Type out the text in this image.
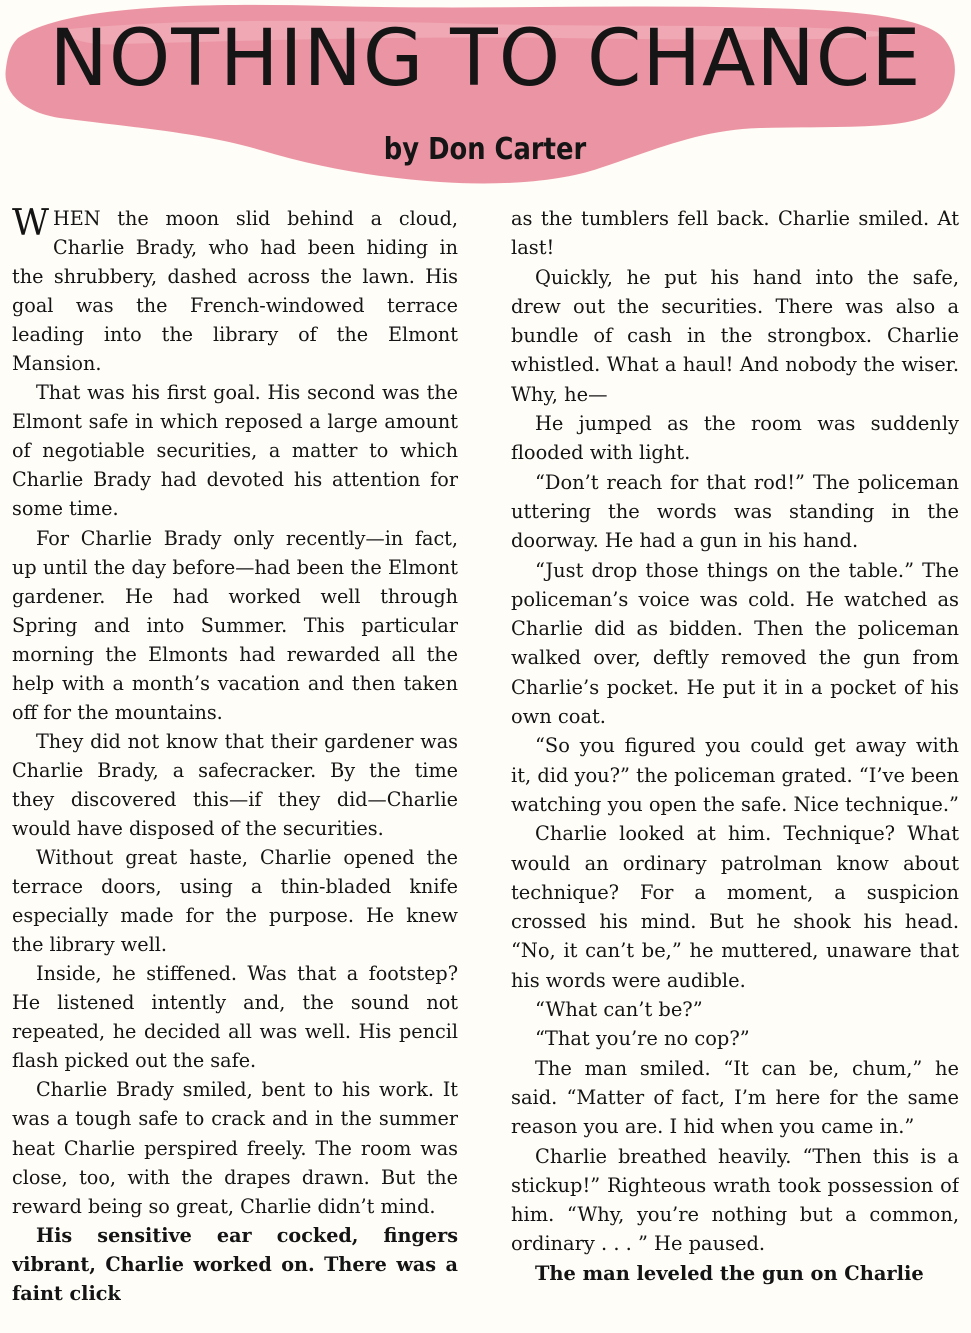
NOTHING TO CHANCE
by Don Carter

WHEN the moon slid behind a cloud, Charlie Brady, who had been hiding in the shrubbery, dashed across the lawn. His goal was the French-windowed terrace leading into the library of the Elmont Mansion.

That was his first goal. His second was the Elmont safe in which reposed a large amount of negotiable securities, a matter to which Charlie Brady had devoted his attention for some time.

For Charlie Brady only recently—in fact, up until the day before—had been the Elmont gardener. He had worked well through Spring and into Summer. This particular morning the Elmonts had rewarded all the help with a month’s vacation and then taken off for the mountains.

They did not know that their gardener was Charlie Brady, a safecracker. By the time they discovered this—if they did—Charlie would have disposed of the securities.

Without great haste, Charlie opened the terrace doors, using a thin-bladed knife especially made for the purpose. He knew the library well.

Inside, he stiffened. Was that a footstep? He listened intently and, the sound not repeated, he decided all was well. His pencil flash picked out the safe.

Charlie Brady smiled, bent to his work. It was a tough safe to crack and in the summer heat Charlie perspired freely. The room was close, too, with the drapes drawn. But the reward being so great, Charlie didn’t mind.

His sensitive ear cocked, fingers vibrant, Charlie worked on. There was a faint click

as the tumblers fell back. Charlie smiled. At last!

Quickly, he put his hand into the safe, drew out the securities. There was also a bundle of cash in the strongbox. Charlie whistled. What a haul! And nobody the wiser. Why, he—

He jumped as the room was suddenly flooded with light.

“Don’t reach for that rod!” The policeman uttering the words was standing in the doorway. He had a gun in his hand.

“Just drop those things on the table.” The policeman’s voice was cold. He watched as Charlie did as bidden. Then the policeman walked over, deftly removed the gun from Charlie’s pocket. He put it in a pocket of his own coat.

“So you figured you could get away with it, did you?” the policeman grated. “I’ve been watching you open the safe. Nice technique.”

Charlie looked at him. Technique? What would an ordinary patrolman know about technique? For a moment, a suspicion crossed his mind. But he shook his head. “No, it can’t be,” he muttered, unaware that his words were audible.

“What can’t be?”

“That you’re no cop?”

The man smiled. “It can be, chum,” he said. “Matter of fact, I’m here for the same reason you are. I hid when you came in.”

Charlie breathed heavily. “Then this is a stickup!” Righteous wrath took possession of him. “Why, you’re nothing but a common, ordinary . . . ” He paused.

The man leveled the gun on Charlie
